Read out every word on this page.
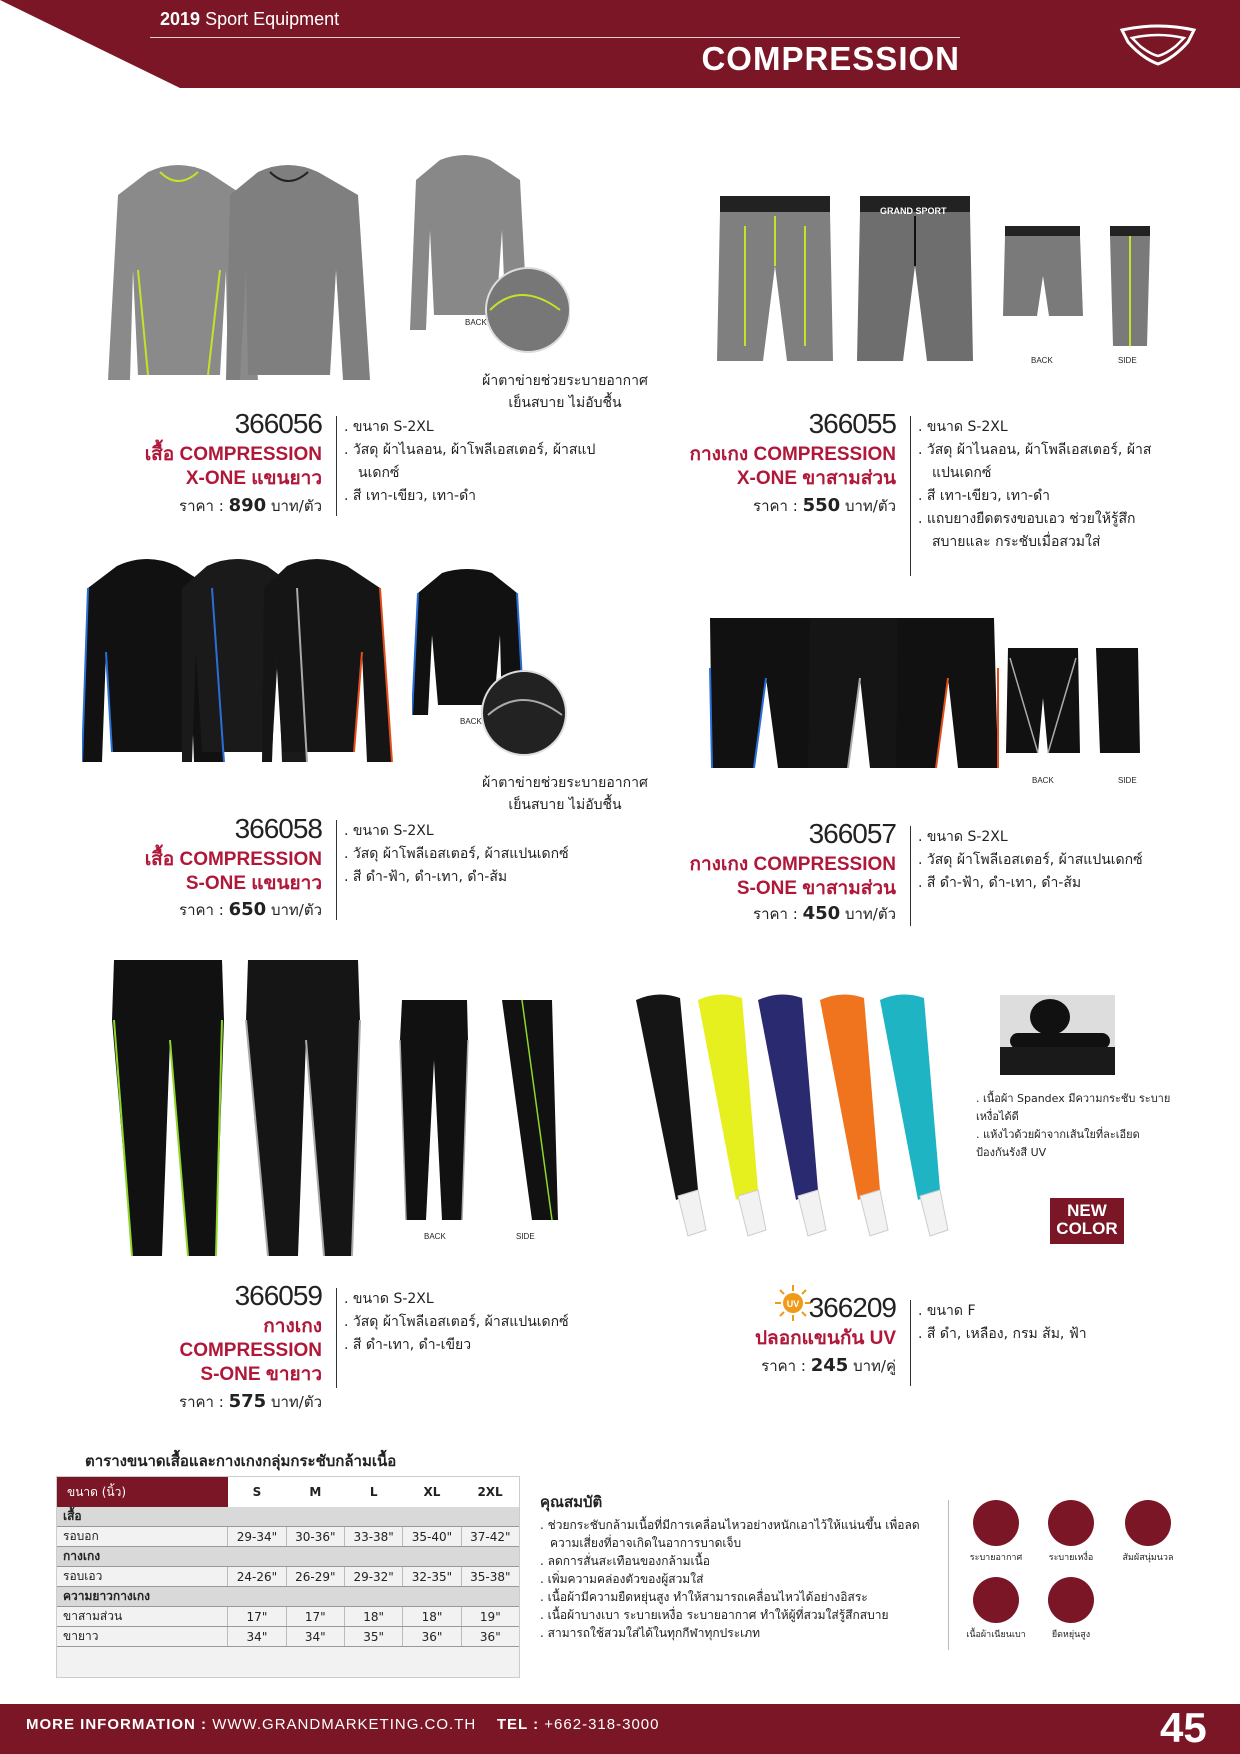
2019 Sport Equipment
COMPRESSION
BACK
ผ้าตาข่ายช่วยระบายอากาศ
เย็นสบาย ไม่อับชื้น
366056
เสื้อ COMPRESSION
X-ONE แขนยาว
ราคา : 890 บาท/ตัว
. ขนาด S-2XL
. วัสดุ ผ้าไนลอน, ผ้าโพลีเอสเตอร์, ผ้าสแปนเดกซ์
. สี เทา-เขียว, เทา-ดำ
GRAND SPORT
BACK	SIDE
366055
กางเกง COMPRESSION
X-ONE ขาสามส่วน
ราคา : 550 บาท/ตัว
. ขนาด S-2XL
. วัสดุ ผ้าไนลอน, ผ้าโพลีเอสเตอร์, ผ้าสแปนเดกซ์
. สี เทา-เขียว, เทา-ดำ
. แถบยางยืดตรงขอบเอว ช่วยให้รู้สึกสบายและ กระชับเมื่อสวมใส่
BACK
ผ้าตาข่ายช่วยระบายอากาศ
เย็นสบาย ไม่อับชื้น
366058
เสื้อ COMPRESSION
S-ONE แขนยาว
ราคา : 650 บาท/ตัว
. ขนาด S-2XL
. วัสดุ ผ้าโพลีเอสเตอร์, ผ้าสแปนเดกซ์
. สี ดำ-ฟ้า, ดำ-เทา, ดำ-ส้ม
BACK	SIDE
366057
กางเกง COMPRESSION
S-ONE ขาสามส่วน
ราคา : 450 บาท/ตัว
. ขนาด S-2XL
. วัสดุ ผ้าโพลีเอสเตอร์, ผ้าสแปนเดกซ์
. สี ดำ-ฟ้า, ดำ-เทา, ดำ-ส้ม
BACK	SIDE
366059
กางเกง
COMPRESSION
S-ONE ขายาว
ราคา : 575 บาท/ตัว
. ขนาด S-2XL
. วัสดุ ผ้าโพลีเอสเตอร์, ผ้าสแปนเดกซ์
. สี ดำ-เทา, ดำ-เขียว
. เนื้อผ้า Spandex มีความกระชับ ระบายเหงื่อได้ดี
. แห้งไวด้วยผ้าจากเส้นใยที่ละเอียด ป้องกันรังสี UV
NEW
COLOR
UV 366209
ปลอกแขนกัน UV
ราคา : 245 บาท/คู่
. ขนาด F
. สี ดำ, เหลือง, กรม ส้ม, ฟ้า
ตารางขนาดเสื้อและกางเกงกลุ่มกระชับกล้ามเนื้อ
ขนาด (นิ้ว)	S	M	L	XL	2XL
เสื้อ					
รอบอก	29-34"	30-36"	33-38"	35-40"	37-42"
กางเกง					
รอบเอว	24-26"	26-29"	29-32"	32-35"	35-38"
ความยาวกางเกง					
ขาสามส่วน	17"	17"	18"	18"	19"
ขายาว	34"	34"	35"	36"	36"
คุณสมบัติ
. ช่วยกระชับกล้ามเนื้อที่มีการเคลื่อนไหวอย่างหนักเอาไว้ให้แน่นขึ้น เพื่อลดความเสี่ยงที่อาจเกิดในอาการบาดเจ็บ
. ลดการสั่นสะเทือนของกล้ามเนื้อ
. เพิ่มความคล่องตัวของผู้สวมใส่
. เนื้อผ้ามีความยืดหยุ่นสูง ทำให้สามารถเคลื่อนไหวได้อย่างอิสระ
. เนื้อผ้าบางเบา ระบายเหงื่อ ระบายอากาศ ทำให้ผู้ที่สวมใส่รู้สึกสบาย
. สามารถใช้สวมใส่ได้ในทุกกีฬาทุกประเภท
ระบายอากาศ	ระบายเหงื่อ	สัมผัสนุ่มนวล
เนื้อผ้าเนียนเบา	ยืดหยุ่นสูง
MORE INFORMATION : WWW.GRANDMARKETING.CO.TH TEL : +662-318-3000	45
